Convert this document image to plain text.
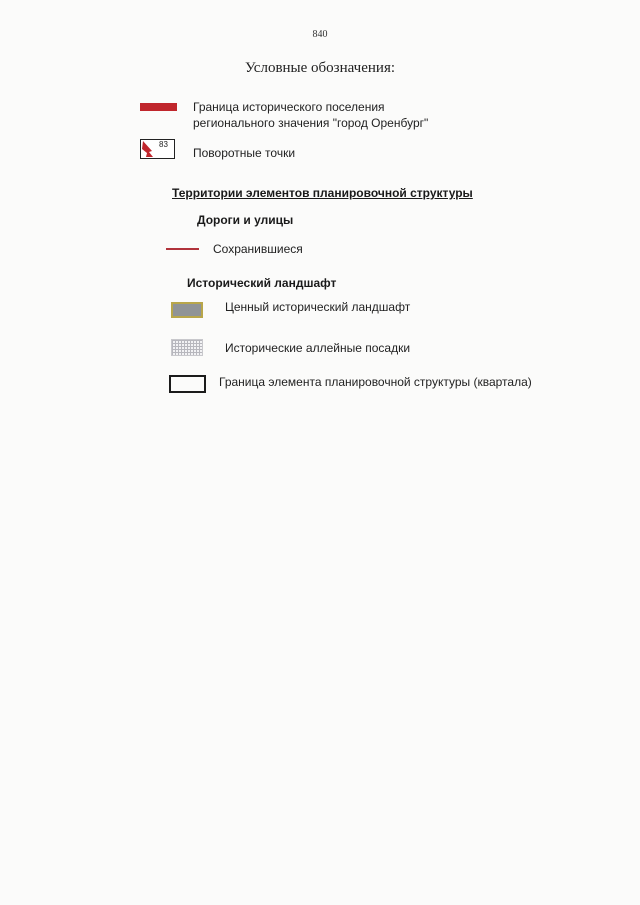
840
Условные обозначения:
Граница исторического поселения
регионального значения "город Оренбург"
83
Поворотные точки
Территории элементов планировочной структуры
Дороги и улицы
Сохранившиеся
Исторический ландшафт
Ценный исторический ландшафт
Исторические аллейные посадки
Граница элемента планировочной структуры (квартала)
